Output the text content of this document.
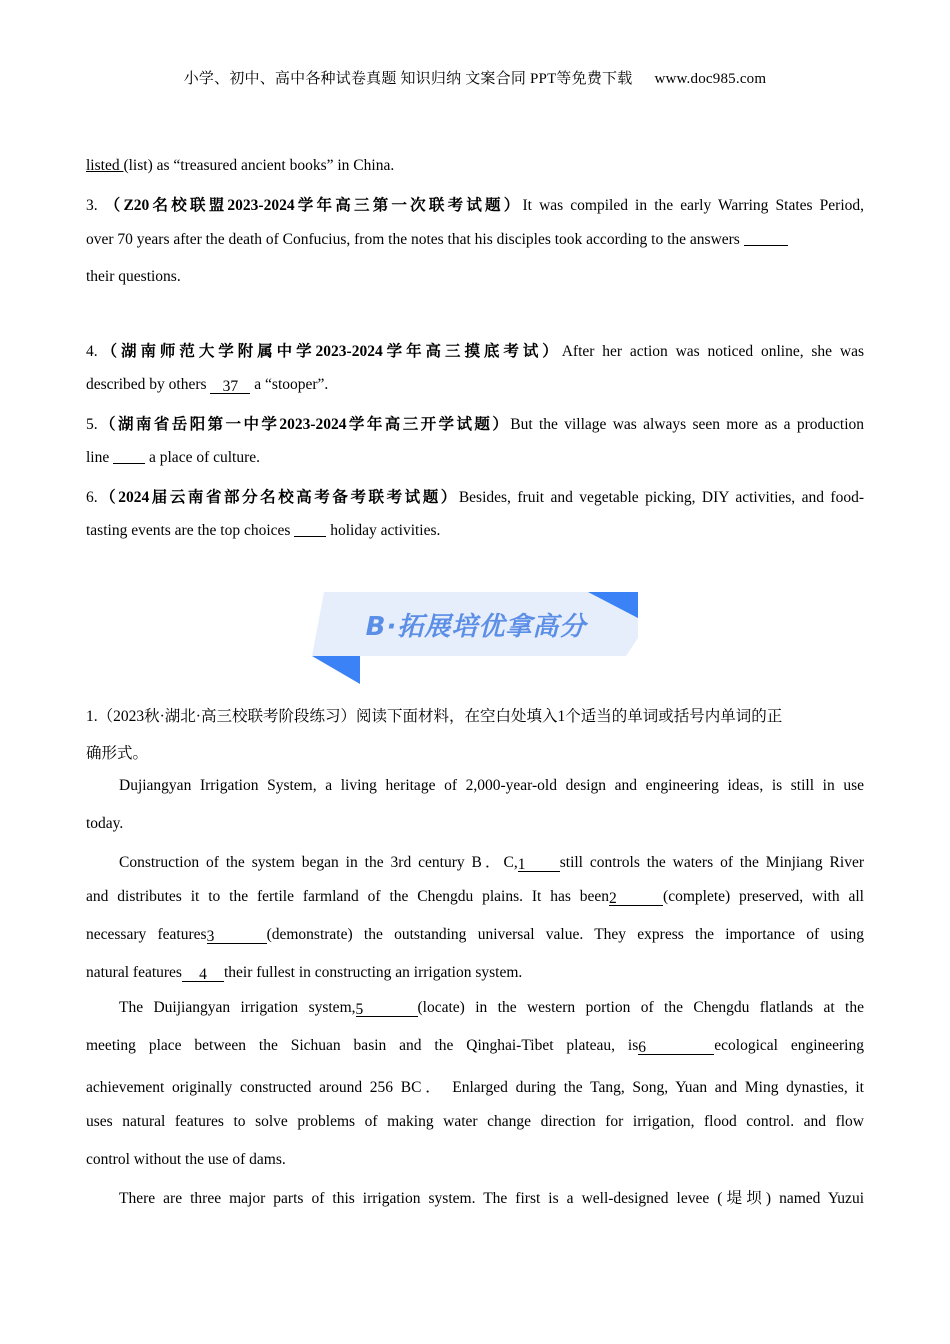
小学、初中、高中各种试卷真题 知识归纳 文案合同 PPT等免费下载 www.doc985.com
listed (list) as “treasured ancient books” in China.
3. （Z20名校联盟2023-2024学年高三第一次联考试题）It was compiled in the early Warring States Period,
over 70 years after the death of Confucius, from the notes that his disciples took according to the answers
their questions.
4.（湖南师范大学附属中学2023-2024学年高三摸底考试）After her action was noticed online, she was
described by others 37 a “stooper”.
5.（湖南省岳阳第一中学2023-2024学年高三开学试题）But the village was always seen more as a production
line	a place of culture.
6.（2024届云南省部分名校高考备考联考试题）Besides, fruit and vegetable picking, DIY activities, and food-
tasting events are the top choices	holiday activities.
B·拓展培优拿高分
1.（2023秋·湖北·高三校联考阶段练习）阅读下面材料，在空白处填入1个适当的单词或括号内单词的正
确形式。
Dujiangyan Irrigation System, a living heritage of 2,000-year-old design and engineering ideas, is still in use
today.
Construction of the system began in the 3rd century B．C,1 still controls the waters of the Minjiang River
and distributes it to the fertile farmland of the Chengdu plains. It has been2	(complete) preserved, with all
necessary features3	(demonstrate) the outstanding universal value. They express the importance of using
natural features 4 their fullest in constructing an irrigation system.
The Duijiangyan irrigation system,5	(locate) in the western portion of the Chengdu flatlands at the
meeting place between the Sichuan basin and the Qinghai-Tibet plateau, is6	ecological engineering
achievement originally constructed around 256 BC． Enlarged during the Tang, Song, Yuan and Ming dynasties, it
uses natural features to solve problems of making water change direction for irrigation, flood control. and flow
control without the use of dams.
There are three major parts of this irrigation system. The first is a well-designed levee (堤坝) named Yuzui
